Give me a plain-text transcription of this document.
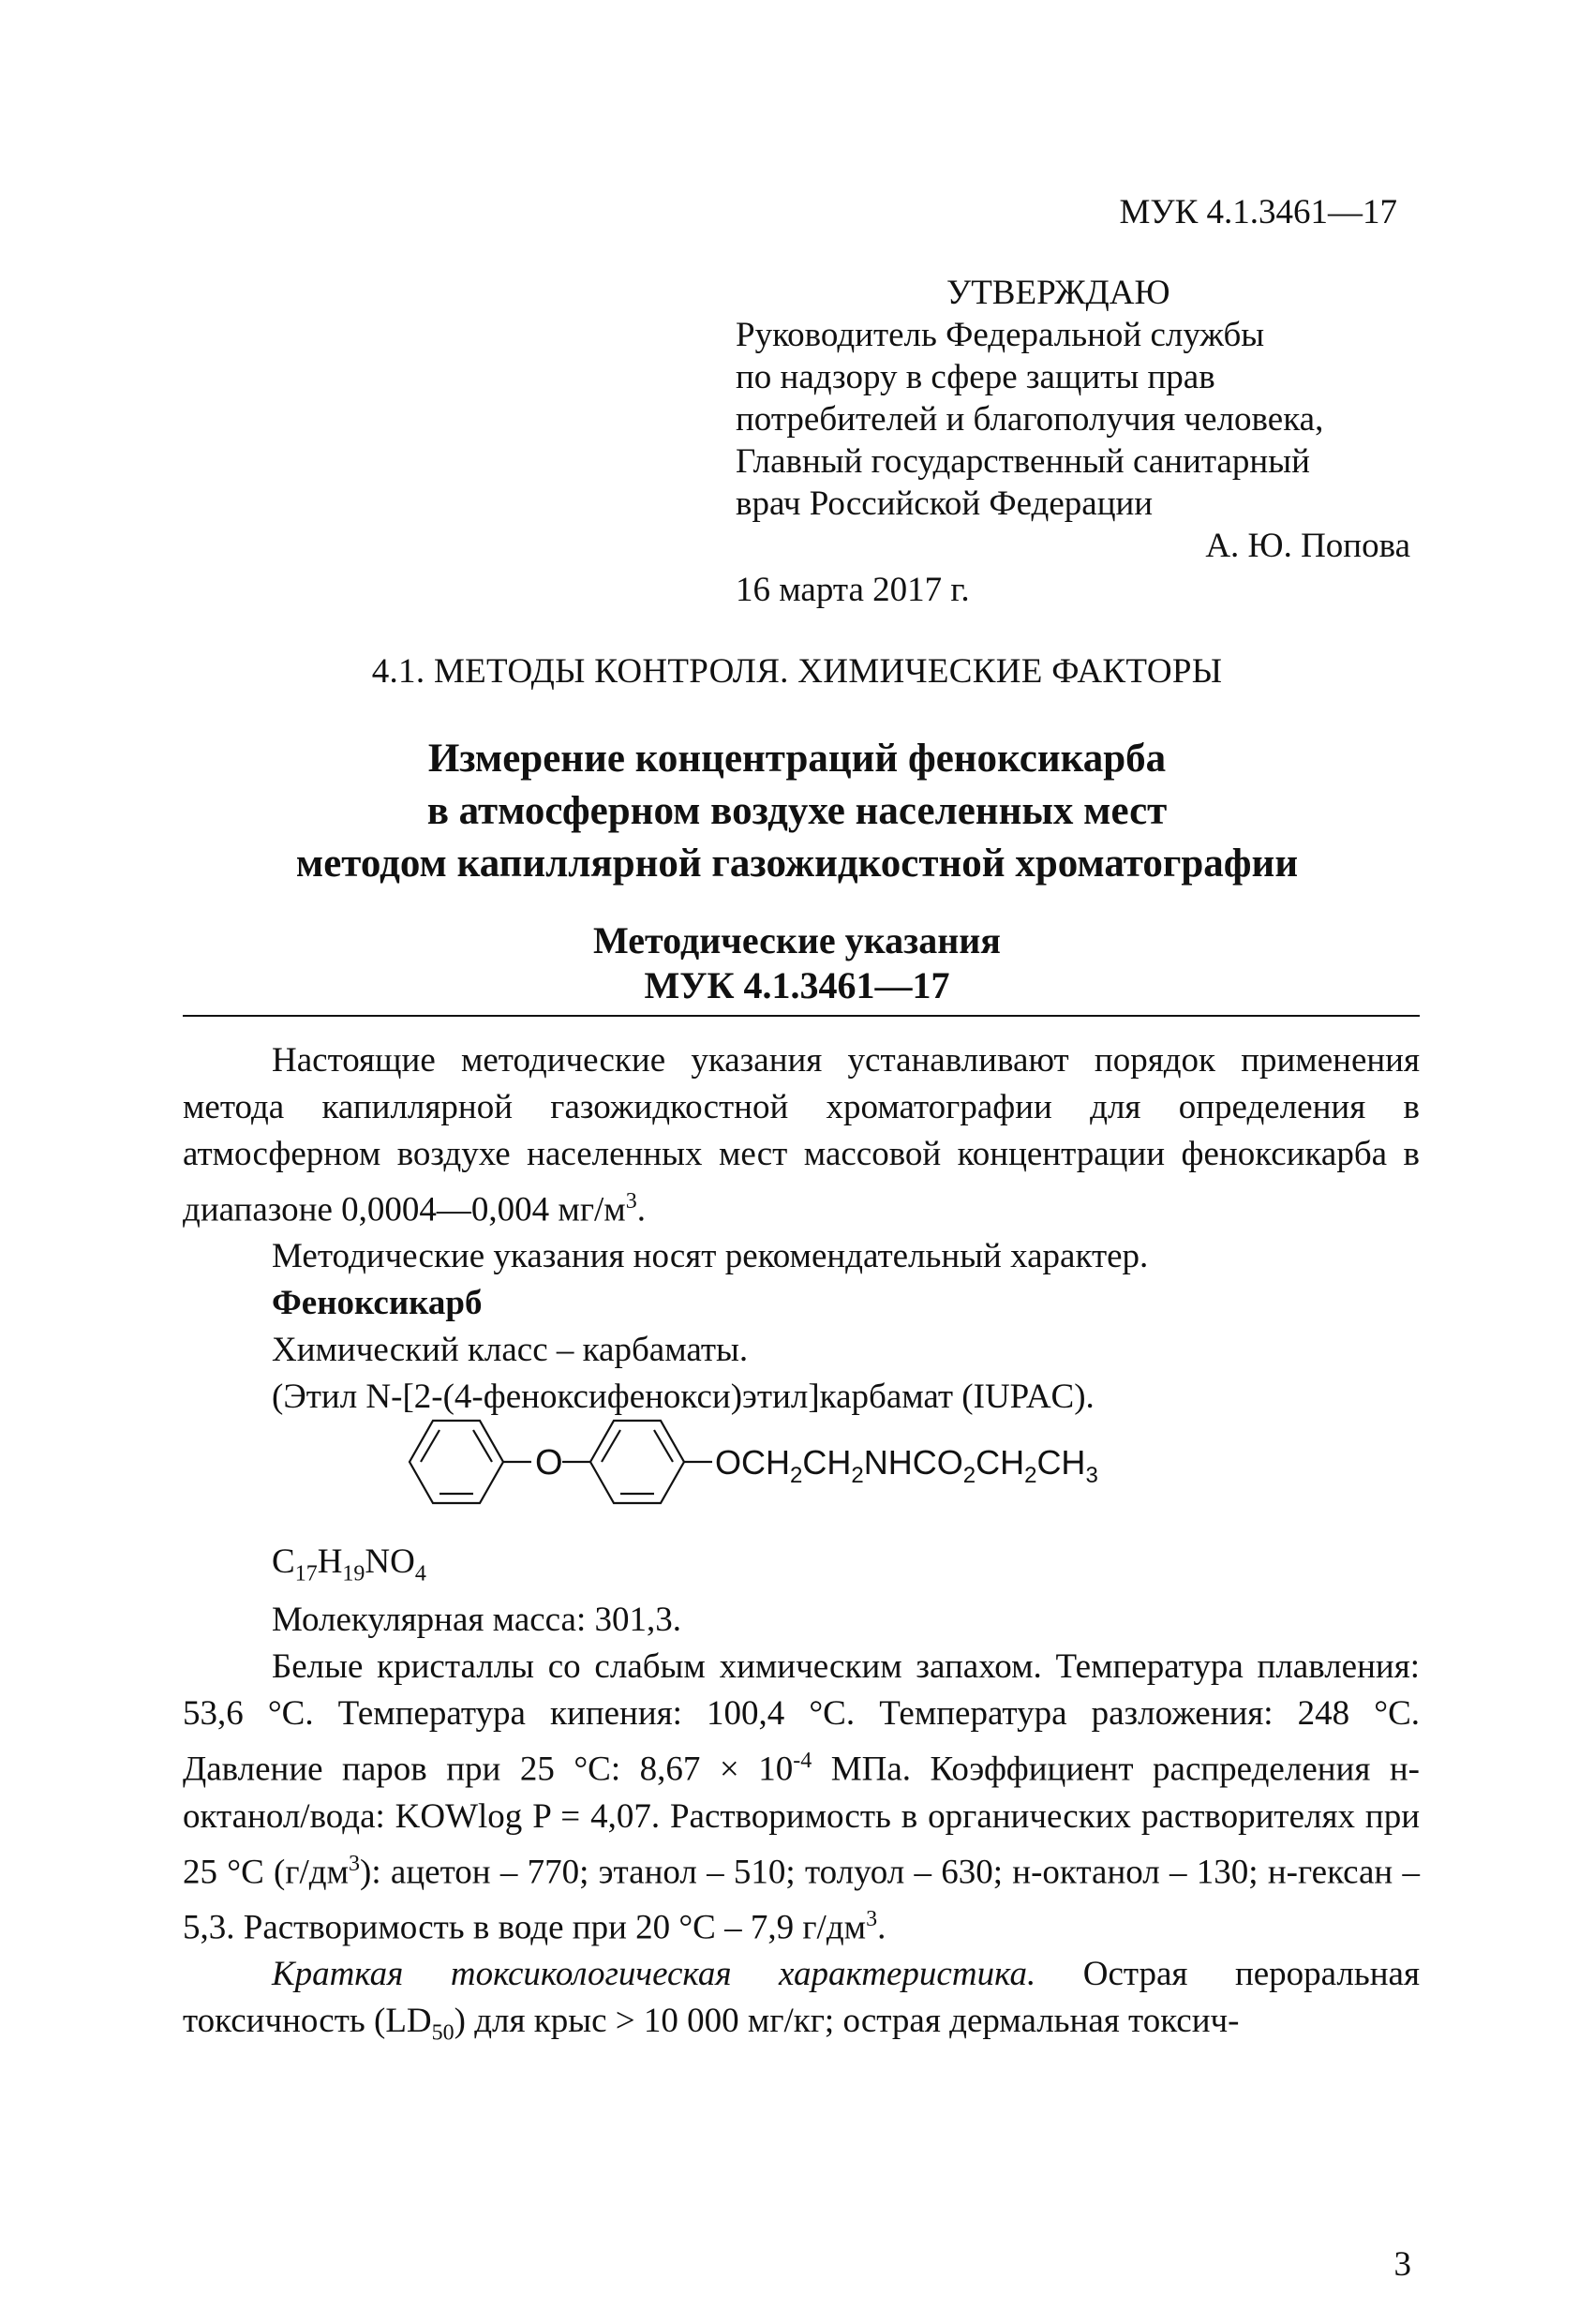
МУК 4.1.3461—17
УТВЕРЖДАЮ
Руководитель Федеральной службы
по надзору в сфере защиты прав
потребителей и благополучия человека,
Главный государственный санитарный
врач Российской Федерации
А. Ю. Попова
16 марта 2017 г.
4.1. МЕТОДЫ КОНТРОЛЯ. ХИМИЧЕСКИЕ ФАКТОРЫ
Измерение концентраций феноксикарба
в атмосферном воздухе населенных мест
методом капиллярной газожидкостной хроматографии
Методические указания
МУК 4.1.3461—17

Настоящие методические указания устанавливают порядок применения метода капиллярной газожидкостной хроматографии для определения в атмосферном воздухе населенных мест массовой концентрации феноксикарба в диапазоне 0,0004—0,004 $мг/м^3$.

Методические указания носят рекомендательный характер.

Феноксикарб

Химический класс – карбаматы.

(Этил N-[2-(4-феноксифенокси)этил]карбамат (IUPAC).

O	$OCH_2CH_2NHCO_2CH_2CH_3$

$C_{17}H_{19}NO_4$

Молекулярная масса: 301,3.

Белые кристаллы со слабым химическим запахом. Температура плавления: 53,6 °С. Температура кипения: 100,4 °С. Температура разложения: 248 °С. Давление паров при 25 °С: $8,67 \times 10^{-4}$ МПа. Коэффициент распределения н-октанол/вода: KOWlog P = 4,07. Растворимость в органических растворителях при 25 °С $(г/дм^3)$: ацетон – 770; этанол – 510; толуол – 630; н-октанол – 130; н-гексан – 5,3. Растворимость в воде при 20 °С – 7,9 $г/дм^3$.

Краткая токсикологическая характеристика. Острая пероральная токсичность $(LD_{50})$ для крыс > 10 000 мг/кг; острая дермальная токсич-

3
